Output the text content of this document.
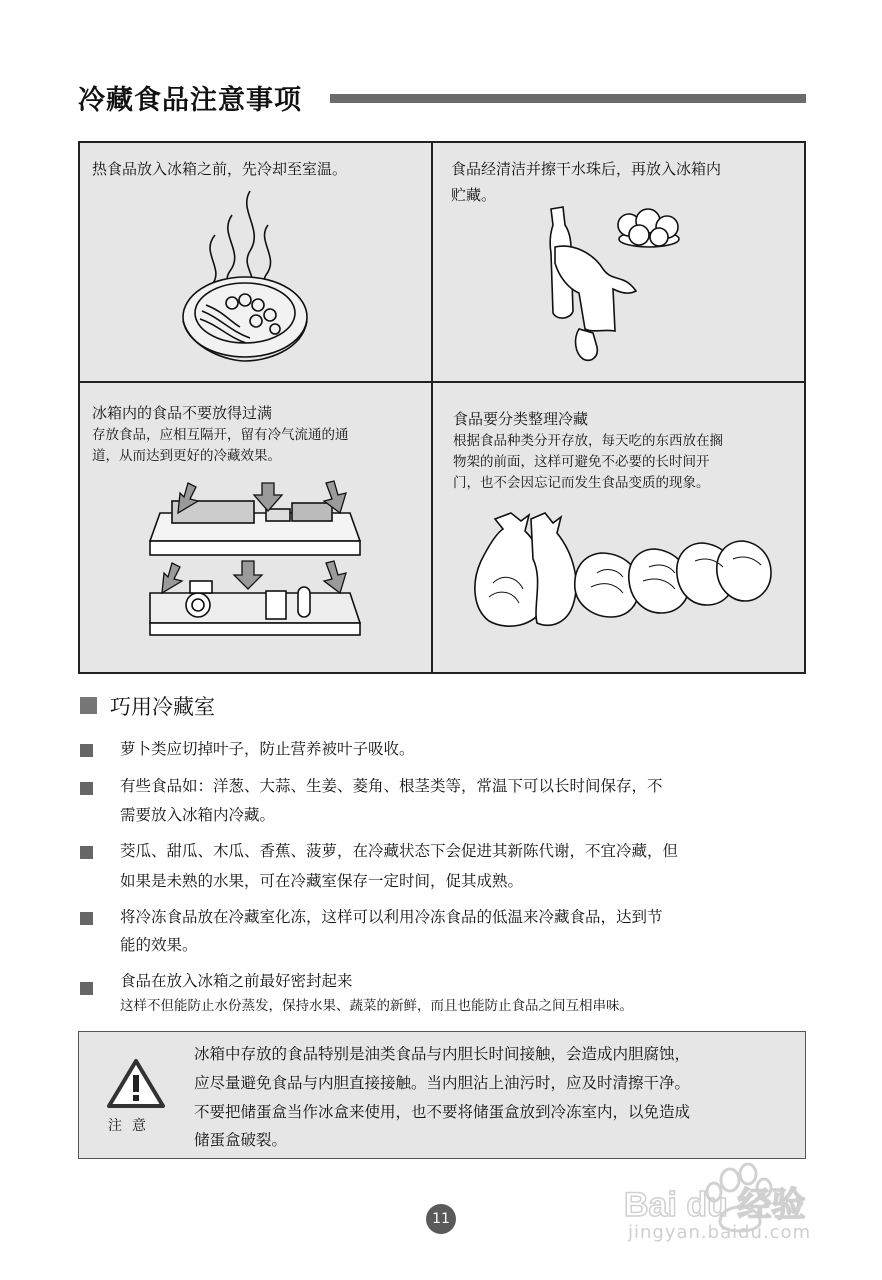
冷藏食品注意事项
热食品放入冰箱之前，先冷却至室温。	食品经清洁并擦干水珠后，再放入冰箱内
贮藏。
冰箱内的食品不要放得过满
存放食品，应相互隔开，留有冷气流通的通
道，从而达到更好的冷藏效果。
食品要分类整理冷藏
根据食品种类分开存放，每天吃的东西放在搁
物架的前面，这样可避免不必要的长时间开
门，也不会因忘记而发生食品变质的现象。
巧用冷藏室
萝卜类应切掉叶子，防止营养被叶子吸收。
有些食品如：洋葱、大蒜、生姜、菱角、根茎类等，常温下可以长时间保存，不
需要放入冰箱内冷藏。
茭瓜、甜瓜、木瓜、香蕉、菠萝，在冷藏状态下会促进其新陈代谢，不宜冷藏，但
如果是未熟的水果，可在冷藏室保存一定时间，促其成熟。
将冷冻食品放在冷藏室化冻，这样可以利用冷冻食品的低温来冷藏食品，达到节
能的效果。
食品在放入冰箱之前最好密封起来
这样不但能防止水份蒸发，保持水果、蔬菜的新鲜，而且也能防止食品之间互相串味。
注意
冰箱中存放的食品特别是油类食品与内胆长时间接触，会造成内胆腐蚀，
应尽量避免食品与内胆直接接触。当内胆沾上油污时，应及时清擦干净。
不要把储蛋盒当作冰盒来使用，也不要将储蛋盒放到冷冻室内，以免造成
储蛋盒破裂。
11	Bai du 经验
jingyan.baidu.com
